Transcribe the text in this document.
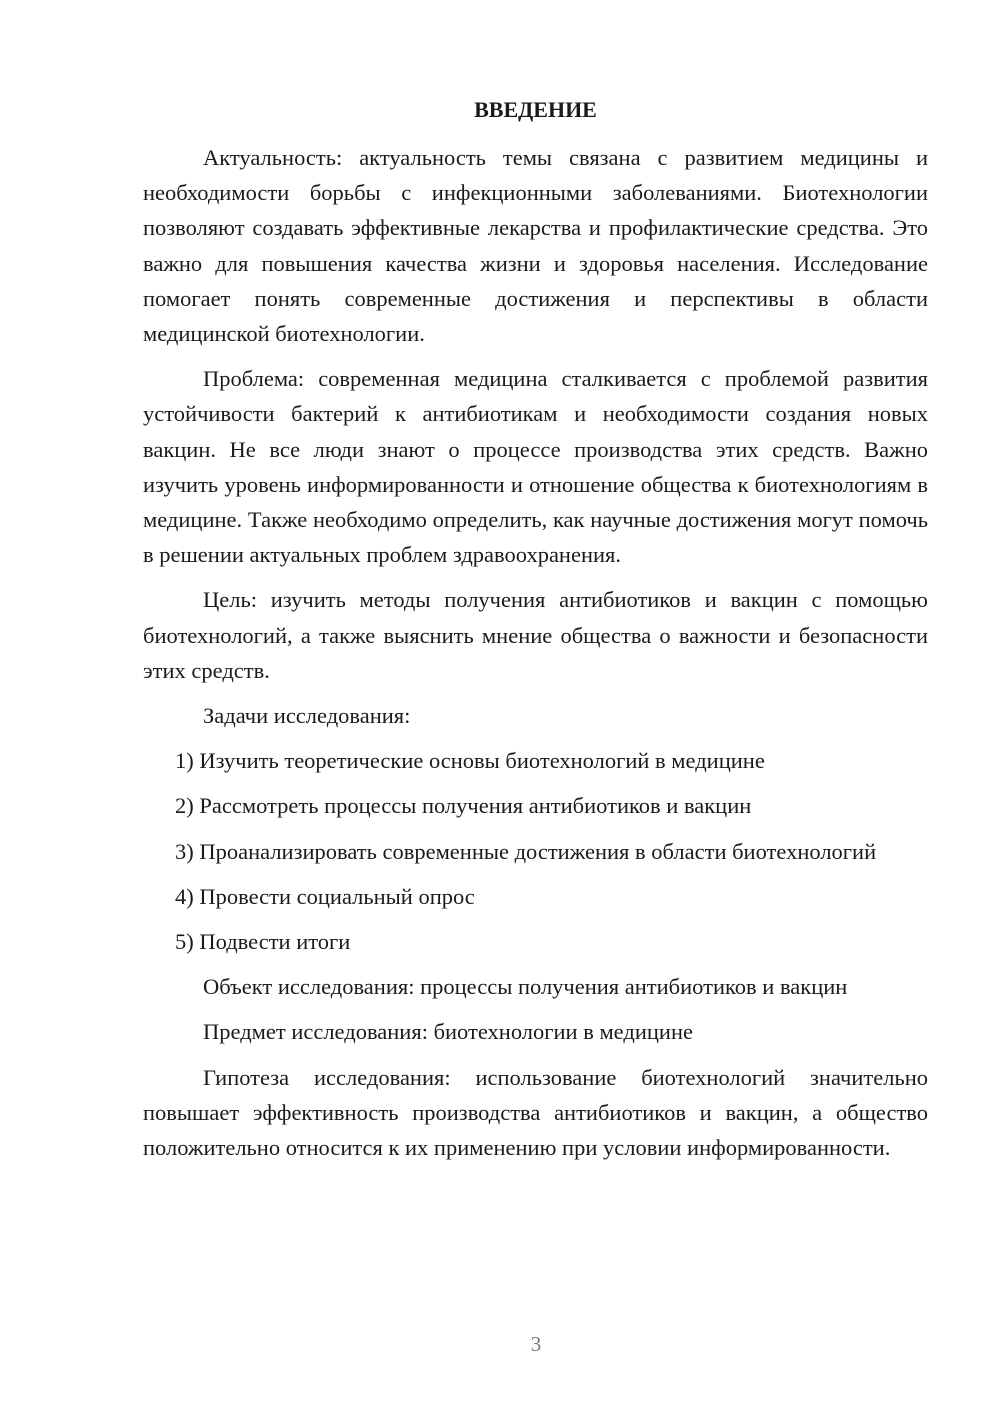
ВВЕДЕНИЕ

Актуальность: актуальность темы связана с развитием медицины и необходимости борьбы с инфекционными заболеваниями. Биотехнологии позволяют создавать эффективные лекарства и профилактические средства. Это важно для повышения качества жизни и здоровья населения. Исследование помогает понять современные достижения и перспективы в области медицинской биотехнологии.

Проблема: современная медицина сталкивается с проблемой развития устойчивости бактерий к антибиотикам и необходимости создания новых вакцин. Не все люди знают о процессе производства этих средств. Важно изучить уровень информированности и отношение общества к биотехнологиям в медицине. Также необходимо определить, как научные достижения могут помочь в решении актуальных проблем здравоохранения.

Цель: изучить методы получения антибиотиков и вакцин с помощью биотехнологий, а также выяснить мнение общества о важности и безопасности этих средств.

Задачи исследования:

1) Изучить теоретические основы биотехнологий в медицине

2) Рассмотреть процессы получения антибиотиков и вакцин

3) Проанализировать современные достижения в области биотехнологий

4) Провести социальный опрос

5) Подвести итоги

Объект исследования: процессы получения антибиотиков и вакцин

Предмет исследования: биотехнологии в медицине

Гипотеза исследования: использование биотехнологий значительно повышает эффективность производства антибиотиков и вакцин, а общество положительно относится к их применению при условии информированности.

3
